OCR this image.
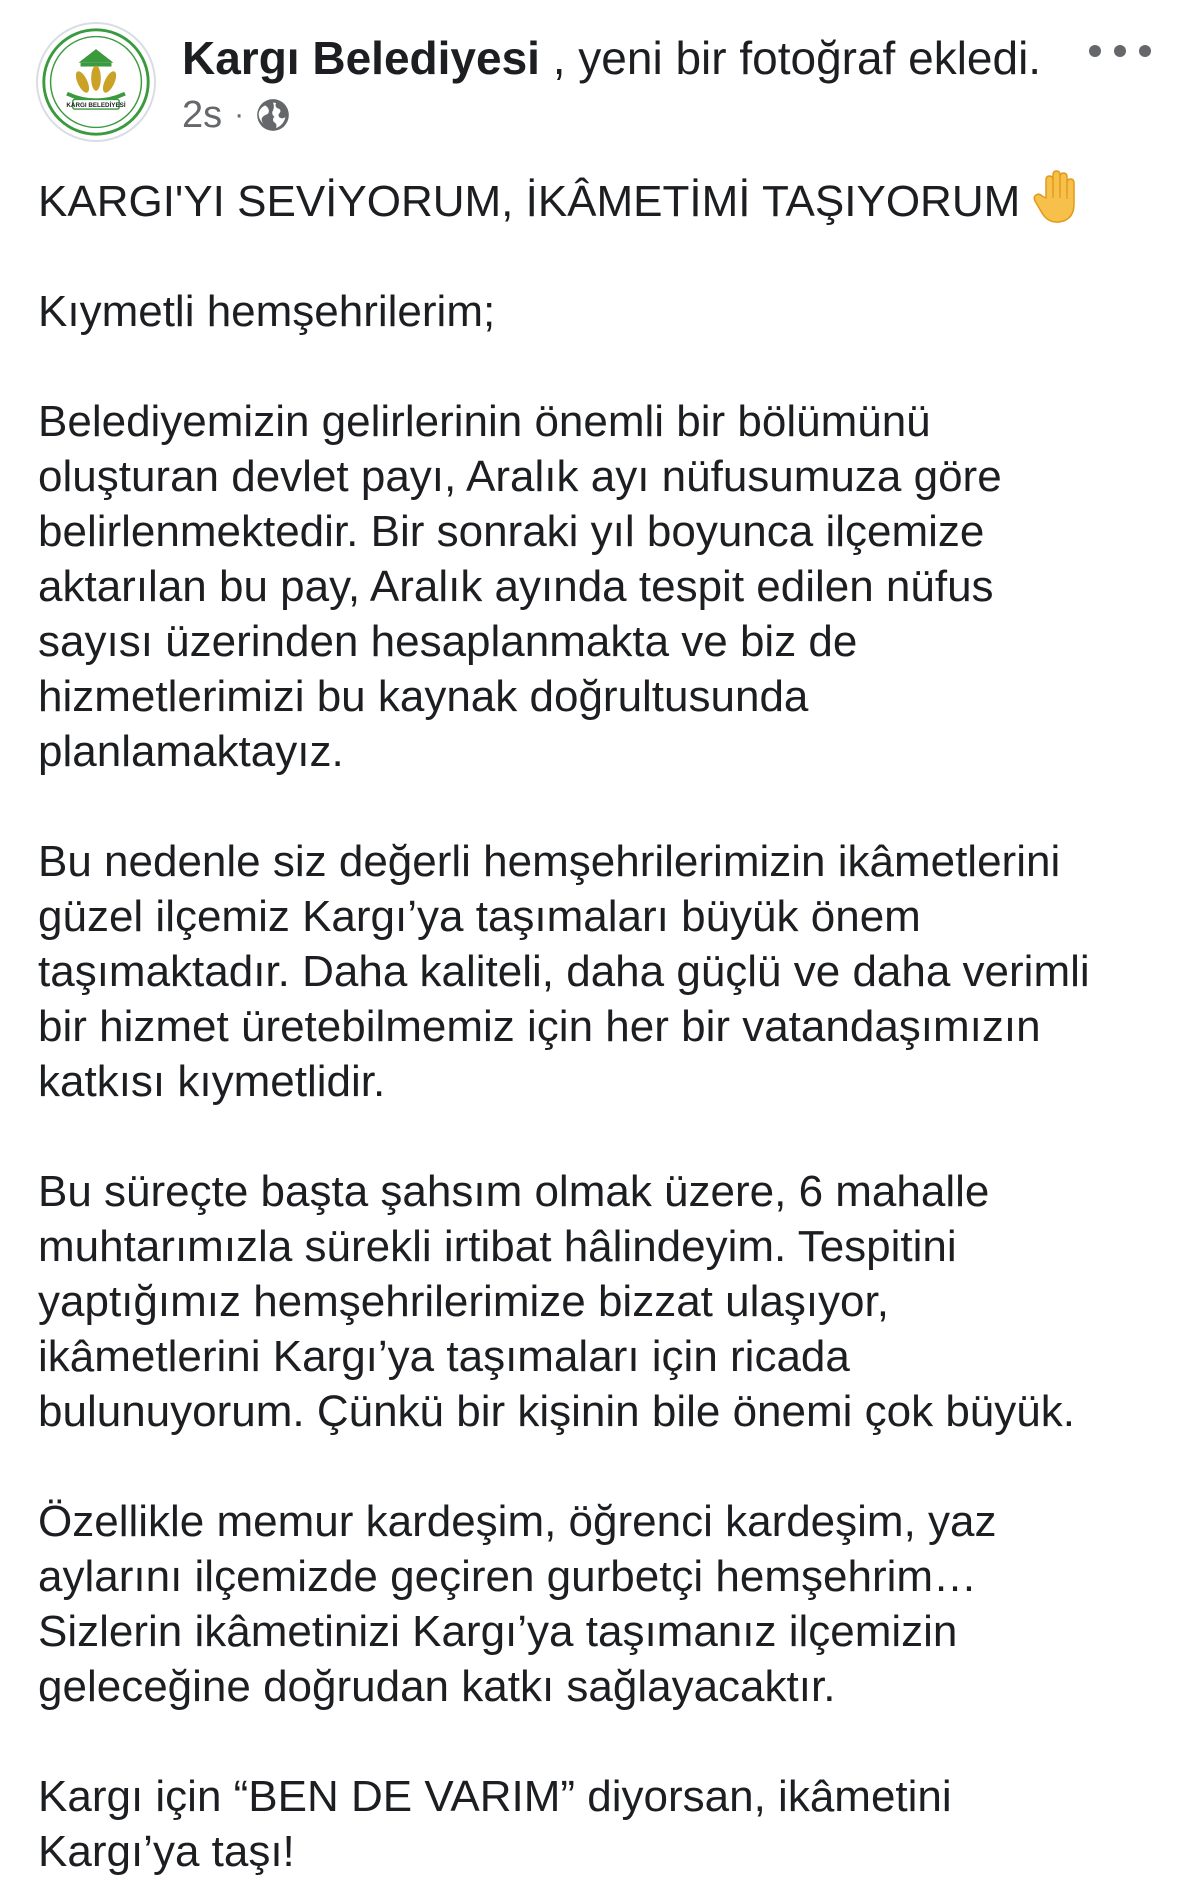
KARGI BELEDİYESİ
Kargı Belediyesi , yeni bir fotoğraf ekledi.
2s ·

KARGI'YI SEVİYORUM, İKÂMETİMİ TAŞIYORUM

Kıymetli hemşehrilerim;

Belediyemizin gelirlerinin önemli bir bölümünü
oluşturan devlet payı, Aralık ayı nüfusumuza göre
belirlenmektedir. Bir sonraki yıl boyunca ilçemize
aktarılan bu pay, Aralık ayında tespit edilen nüfus
sayısı üzerinden hesaplanmakta ve biz de
hizmetlerimizi bu kaynak doğrultusunda
planlamaktayız.

Bu nedenle siz değerli hemşehrilerimizin ikâmetlerini
güzel ilçemiz Kargı’ya taşımaları büyük önem
taşımaktadır. Daha kaliteli, daha güçlü ve daha verimli
bir hizmet üretebilmemiz için her bir vatandaşımızın
katkısı kıymetlidir.

Bu süreçte başta şahsım olmak üzere, 6 mahalle
muhtarımızla sürekli irtibat hâlindeyim. Tespitini
yaptığımız hemşehrilerimize bizzat ulaşıyor,
ikâmetlerini Kargı’ya taşımaları için ricada
bulunuyorum. Çünkü bir kişinin bile önemi çok büyük.

Özellikle memur kardeşim, öğrenci kardeşim, yaz
aylarını ilçemizde geçiren gurbetçi hemşehrim…
Sizlerin ikâmetinizi Kargı’ya taşımanız ilçemizin
geleceğine doğrudan katkı sağlayacaktır.

Kargı için “BEN DE VARIM” diyorsan, ikâmetini
Kargı’ya taşı!
